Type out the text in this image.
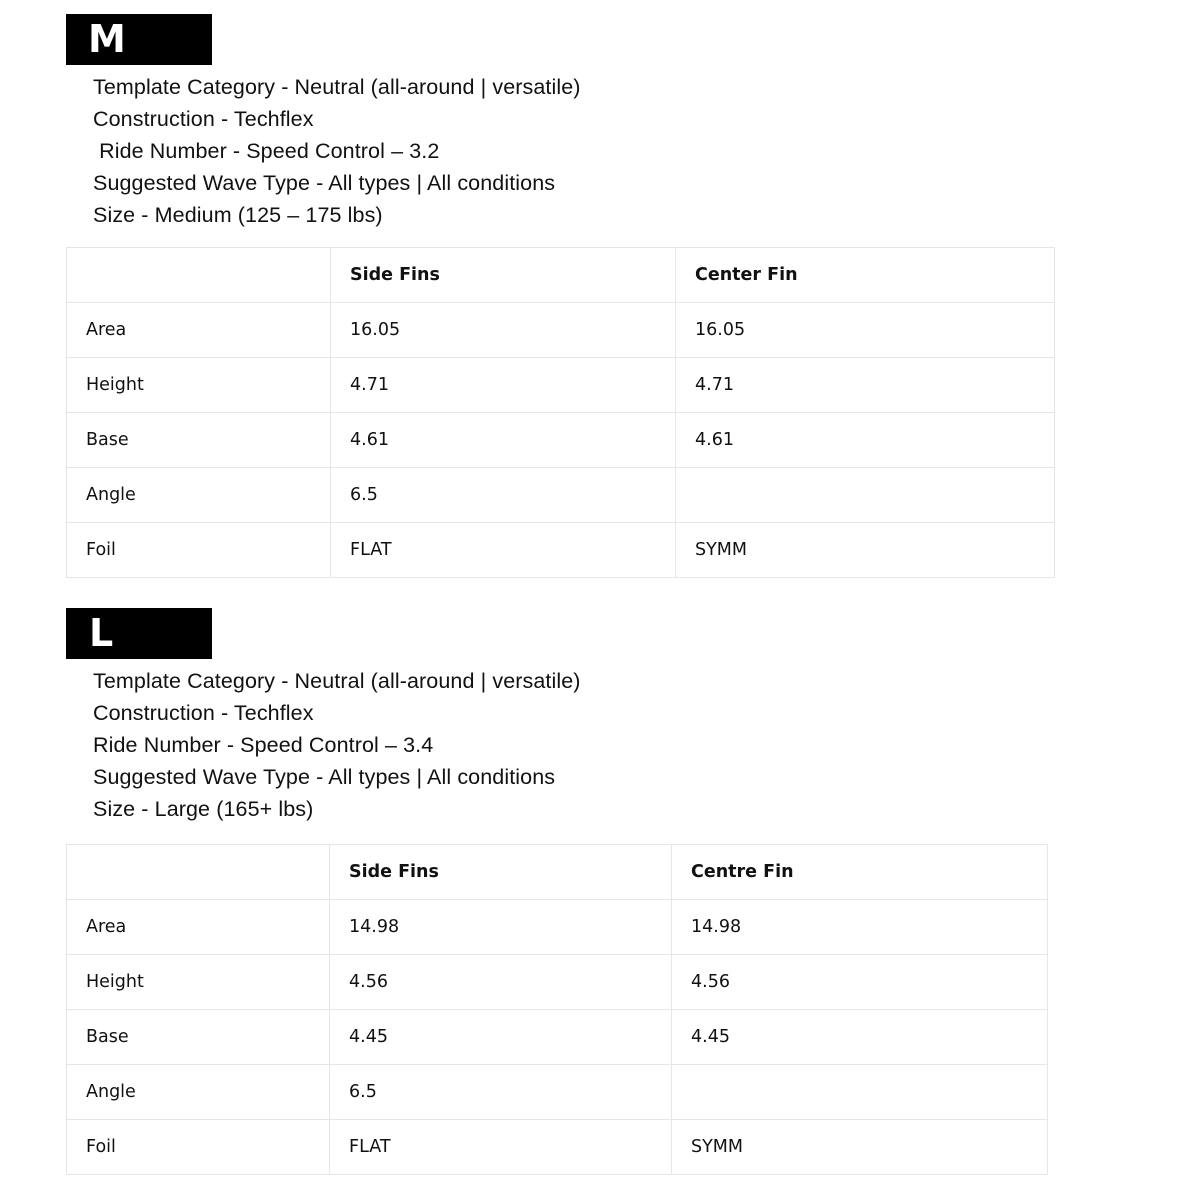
M
Template Category - Neutral (all-around | versatile)
Construction - Techflex
Ride Number - Speed Control – 3.2
Suggested Wave Type - All types | All conditions
Size - Medium (125 – 175 lbs)
	Side Fins	Center Fin
Area	16.05	16.05
Height	4.71	4.71
Base	4.61	4.61
Angle	6.5	
Foil	FLAT	SYMM
L
Template Category - Neutral (all-around | versatile)
Construction - Techflex
Ride Number - Speed Control – 3.4
Suggested Wave Type - All types | All conditions
Size - Large (165+ lbs)
	Side Fins	Centre Fin
Area	14.98	14.98
Height	4.56	4.56
Base	4.45	4.45
Angle	6.5	
Foil	FLAT	SYMM
